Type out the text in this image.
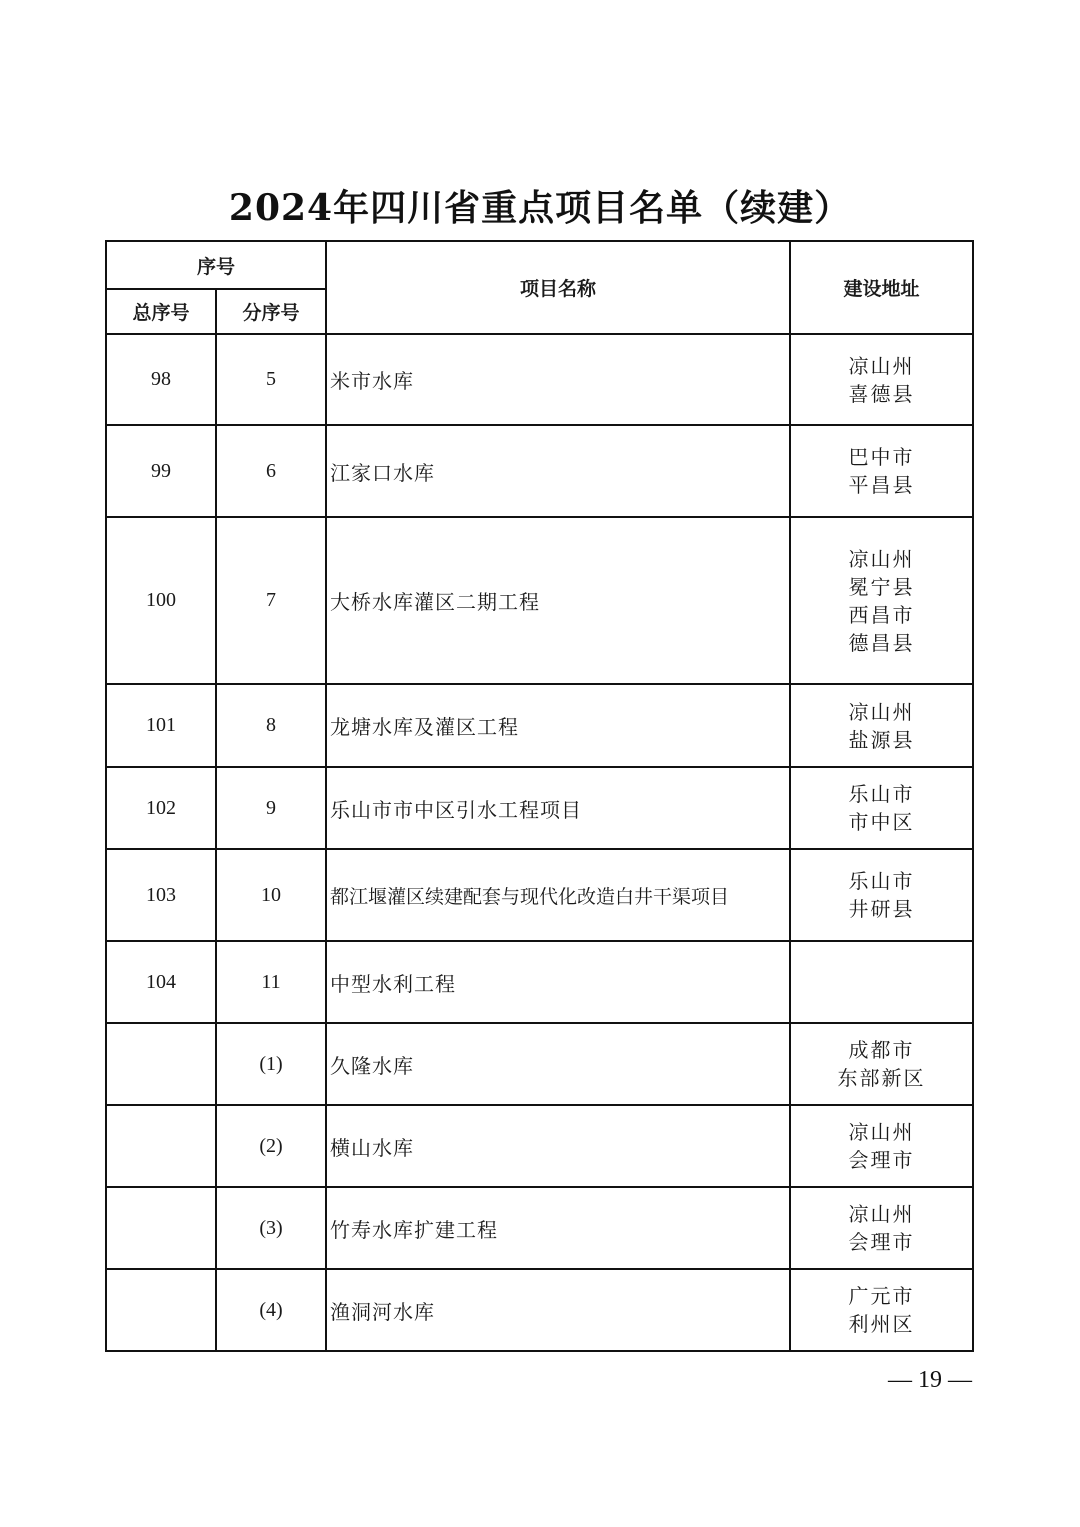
2024年四川省重点项目名单（续建）
序号		项目名称	建设地址
总序号	分序号		
98	5	米市水库	凉山州
喜德县

99	6	江家口水库	巴中市
平昌县

100	7	大桥水库灌区二期工程	凉山州
冕宁县
西昌市
德昌县

101	8	龙塘水库及灌区工程	凉山州
盐源县

102	9	乐山市市中区引水工程项目	乐山市
市中区

103	10	都江堰灌区续建配套与现代化改造白井干渠项目	乐山市
井研县

104	11	中型水利工程	

	(1)	久隆水库	成都市
东部新区

	(2)	横山水库	凉山州
会理市

	(3)	竹寿水库扩建工程	凉山州
会理市

	(4)	渔洞河水库	广元市
利州区
— 19 —
